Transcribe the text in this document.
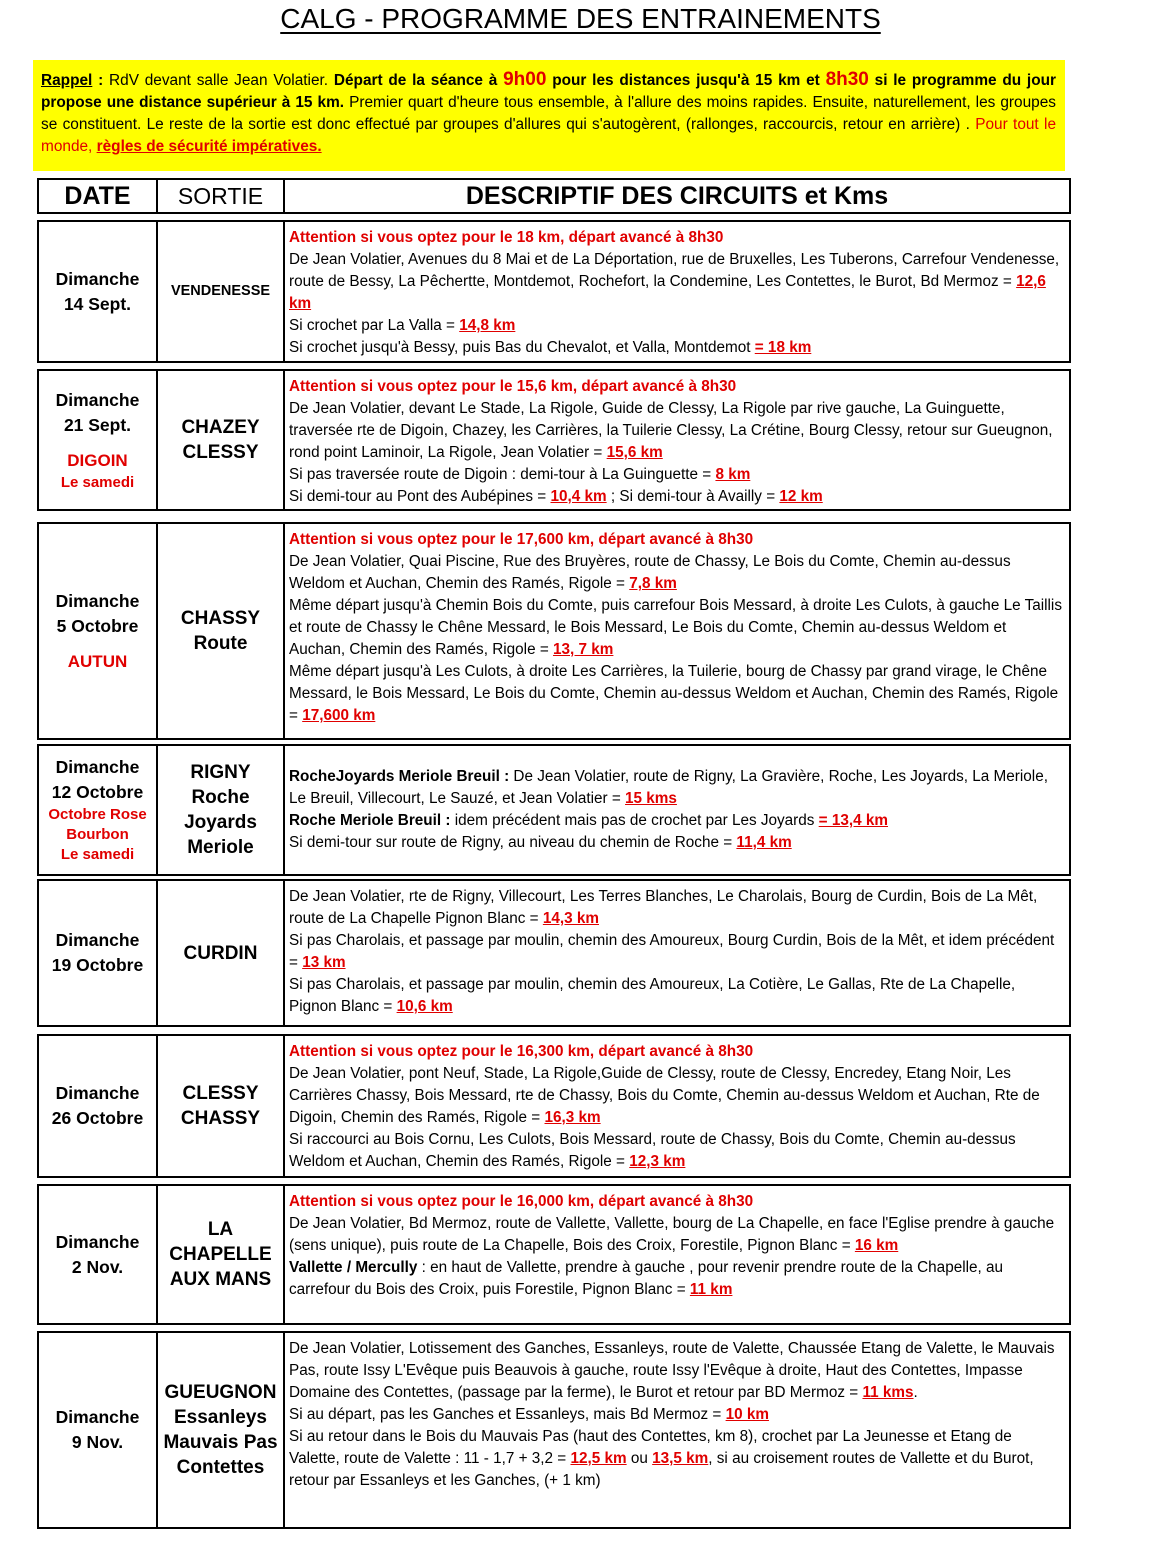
CALG - PROGRAMME DES ENTRAINEMENTS
Rappel : RdV devant salle Jean Volatier. Départ de la séance à 9h00 pour les distances jusqu'à 15 km et 8h30 si le programme du jour propose une distance supérieur à 15 km. Premier quart d'heure tous ensemble, à l'allure des moins rapides. Ensuite, naturellement, les groupes se constituent. Le reste de la sortie est donc effectué par groupes d'allures qui s'autogèrent, (rallonges, raccourcis, retour en arrière) . Pour tout le monde, règles de sécurité impératives.
DATE	SORTIE	DESCRIPTIF DES CIRCUITS et Kms
Dimanche
14 Sept.
VENDENESSE

Attention si vous optez pour le 18 km, départ avancé à 8h30

De Jean Volatier, Avenues du 8 Mai et de La Déportation, rue de Bruxelles, Les Tuberons, Carrefour Vendenesse, route de Bessy, La Pêchertte, Montdemot, Rochefort, la Condemine, Les Contettes, le Burot, Bd Mermoz = 12,6 km

Si crochet par La Valla = 14,8 km

Si crochet jusqu'à Bessy, puis Bas du Chevalot, et Valla, Montdemot = 18 km

Dimanche
21 Sept.
DIGOIN
Le samedi
CHAZEY
CLESSY

Attention si vous optez pour le 15,6 km, départ avancé à 8h30

De Jean Volatier, devant Le Stade, La Rigole, Guide de Clessy, La Rigole par rive gauche, La Guinguette, traversée rte de Digoin, Chazey, les Carrières, la Tuilerie Clessy, La Crétine, Bourg Clessy, retour sur Gueugnon, rond point Laminoir, La Rigole, Jean Volatier = 15,6 km

Si pas traversée route de Digoin : demi-tour à La Guinguette = 8 km

Si demi-tour au Pont des Aubépines = 10,4 km ; Si demi-tour à Availly = 12 km

Dimanche
5 Octobre
AUTUN
CHASSY
Route

Attention si vous optez pour le 17,600 km, départ avancé à 8h30

De Jean Volatier, Quai Piscine, Rue des Bruyères, route de Chassy, Le Bois du Comte, Chemin au-dessus Weldom et Auchan, Chemin des Ramés, Rigole = 7,8 km

Même départ jusqu'à Chemin Bois du Comte, puis carrefour Bois Messard, à droite Les Culots, à gauche Le Taillis et route de Chassy le Chêne Messard, le Bois Messard, Le Bois du Comte, Chemin au-dessus Weldom et Auchan, Chemin des Ramés, Rigole = 13, 7 km

Même départ jusqu'à Les Culots, à droite Les Carrières, la Tuilerie, bourg de Chassy par grand virage, le Chêne Messard, le Bois Messard, Le Bois du Comte, Chemin au-dessus Weldom et Auchan, Chemin des Ramés, Rigole = 17,600 km

Dimanche
12 Octobre
Octobre Rose
Bourbon
Le samedi
RIGNY
Roche
Joyards
Meriole

RocheJoyards Meriole Breuil : De Jean Volatier, route de Rigny, La Gravière, Roche, Les Joyards, La Meriole, Le Breuil, Villecourt, Le Sauzé, et Jean Volatier = 15 kms

Roche Meriole Breuil : idem précédent mais pas de crochet par Les Joyards = 13,4 km

Si demi-tour sur route de Rigny, au niveau du chemin de Roche = 11,4 km

Dimanche
19 Octobre
CURDIN

De Jean Volatier, rte de Rigny, Villecourt, Les Terres Blanches, Le Charolais, Bourg de Curdin, Bois de La Mêt, route de La Chapelle Pignon Blanc = 14,3 km

Si pas Charolais, et passage par moulin, chemin des Amoureux, Bourg Curdin, Bois de la Mêt, et idem précédent = 13 km

Si pas Charolais, et passage par moulin, chemin des Amoureux, La Cotière, Le Gallas, Rte de La Chapelle, Pignon Blanc = 10,6 km

Dimanche
26 Octobre
CLESSY
CHASSY

Attention si vous optez pour le 16,300 km, départ avancé à 8h30

De Jean Volatier, pont Neuf, Stade, La Rigole,Guide de Clessy, route de Clessy, Encredey, Etang Noir, Les Carrières Chassy, Bois Messard, rte de Chassy, Bois du Comte, Chemin au-dessus Weldom et Auchan, Rte de Digoin, Chemin des Ramés, Rigole = 16,3 km

Si raccourci au Bois Cornu, Les Culots, Bois Messard, route de Chassy, Bois du Comte, Chemin au-dessus Weldom et Auchan, Chemin des Ramés, Rigole = 12,3 km

Dimanche
2 Nov.
LA
CHAPELLE
AUX MANS

Attention si vous optez pour le 16,000 km, départ avancé à 8h30

De Jean Volatier, Bd Mermoz, route de Vallette, Vallette, bourg de La Chapelle, en face l'Eglise prendre à gauche (sens unique), puis route de La Chapelle, Bois des Croix, Forestile, Pignon Blanc = 16 km

Vallette / Mercully : en haut de Vallette, prendre à gauche , pour revenir prendre route de la Chapelle, au carrefour du Bois des Croix, puis Forestile, Pignon Blanc = 11 km

Dimanche
9 Nov.
GUEUGNON
Essanleys
Mauvais Pas
Contettes

De Jean Volatier, Lotissement des Ganches, Essanleys, route de Valette, Chaussée Etang de Valette, le Mauvais Pas, route Issy L'Evêque puis Beauvois à gauche, route Issy l'Evêque à droite, Haut des Contettes, Impasse Domaine des Contettes, (passage par la ferme), le Burot et retour par BD Mermoz = 11 kms.

Si au départ, pas les Ganches et Essanleys, mais Bd Mermoz = 10 km

Si au retour dans le Bois du Mauvais Pas (haut des Contettes, km 8), crochet par La Jeunesse et Etang de Valette, route de Valette : 11 - 1,7 + 3,2 = 12,5 km ou 13,5 km, si au croisement routes de Vallette et du Burot, retour par Essanleys et les Ganches, (+ 1 km)
